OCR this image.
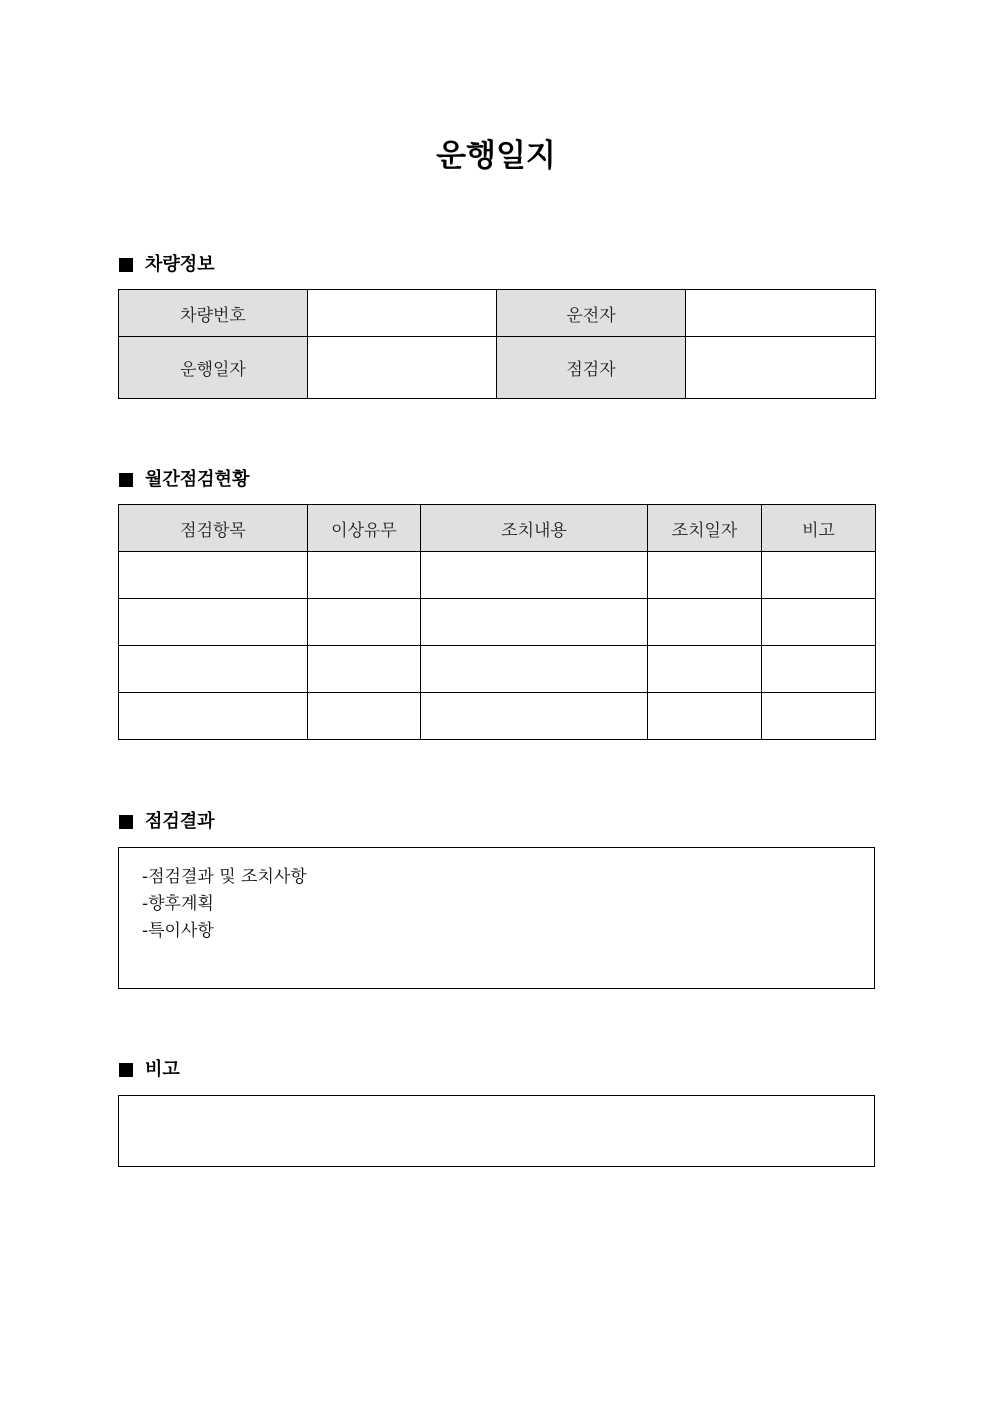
운행일지
차량정보
차량번호		운전자	
운행일자		점검자	
월간점검현황
점검항목	이상유무	조치내용	조치일자	비고

점검결과
-점검결과 및 조치사항
-향후계획
-특이사항
비고
